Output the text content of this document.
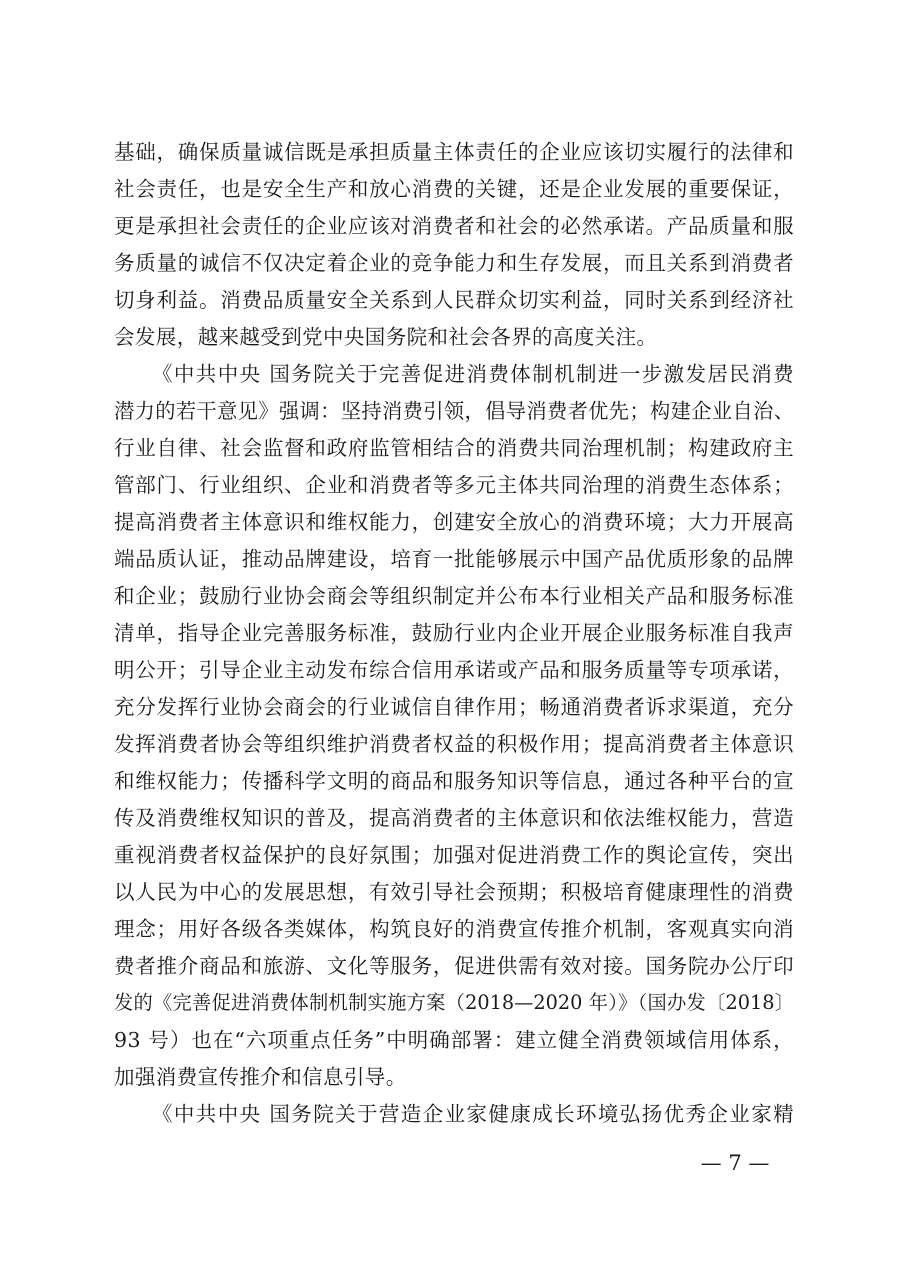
基础，确保质量诚信既是承担质量主体责任的企业应该切实履行的法律和
社会责任，也是安全生产和放心消费的关键，还是企业发展的重要保证，
更是承担社会责任的企业应该对消费者和社会的必然承诺。产品质量和服
务质量的诚信不仅决定着企业的竞争能力和生存发展，而且关系到消费者
切身利益。消费品质量安全关系到人民群众切实利益，同时关系到经济社
会发展，越来越受到党中央国务院和社会各界的高度关注。
《中共中央 国务院关于完善促进消费体制机制进一步激发居民消费
潜力的若干意见》强调：坚持消费引领，倡导消费者优先；构建企业自治、
行业自律、社会监督和政府监管相结合的消费共同治理机制；构建政府主
管部门、行业组织、企业和消费者等多元主体共同治理的消费生态体系；
提高消费者主体意识和维权能力，创建安全放心的消费环境；大力开展高
端品质认证，推动品牌建设，培育一批能够展示中国产品优质形象的品牌
和企业；鼓励行业协会商会等组织制定并公布本行业相关产品和服务标准
清单，指导企业完善服务标准，鼓励行业内企业开展企业服务标准自我声
明公开；引导企业主动发布综合信用承诺或产品和服务质量等专项承诺，
充分发挥行业协会商会的行业诚信自律作用；畅通消费者诉求渠道，充分
发挥消费者协会等组织维护消费者权益的积极作用；提高消费者主体意识
和维权能力；传播科学文明的商品和服务知识等信息，通过各种平台的宣
传及消费维权知识的普及，提高消费者的主体意识和依法维权能力，营造
重视消费者权益保护的良好氛围；加强对促进消费工作的舆论宣传，突出
以人民为中心的发展思想，有效引导社会预期；积极培育健康理性的消费
理念；用好各级各类媒体，构筑良好的消费宣传推介机制，客观真实向消
费者推介商品和旅游、文化等服务，促进供需有效对接。国务院办公厅印
发的《完善促进消费体制机制实施方案（2018—2020 年）》（国办发〔2018〕
93 号）也在“六项重点任务”中明确部署：建立健全消费领域信用体系，
加强消费宣传推介和信息引导。
《中共中央 国务院关于营造企业家健康成长环境弘扬优秀企业家精
— 7 —
